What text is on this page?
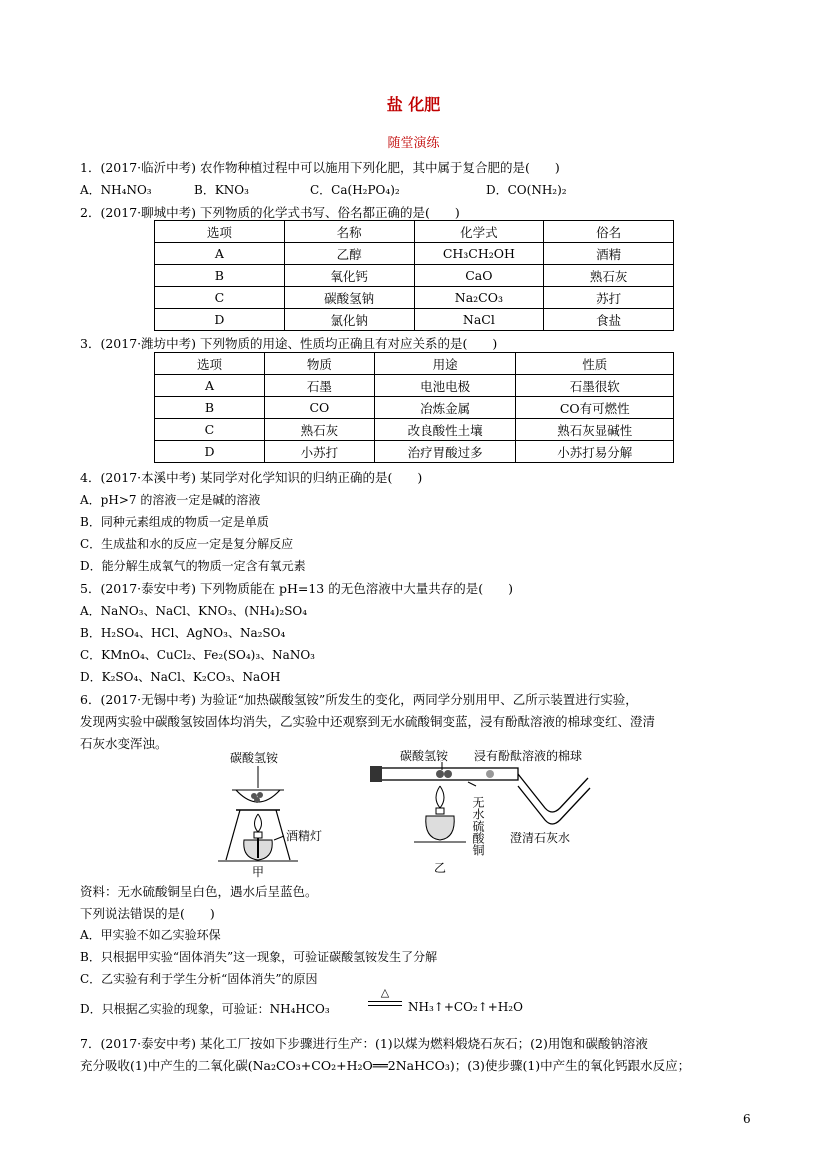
盐 化肥
随堂演练
1．(2017·临沂中考) 农作物种植过程中可以施用下列化肥，其中属于复合肥的是(　　)
A．NH₄NO₃	B．KNO₃	C．Ca(H₂PO₄)₂	D．CO(NH₂)₂
2．(2017·聊城中考) 下列物质的化学式书写、俗名都正确的是(　　)
选项	名称	化学式	俗名
A	乙醇	CH₃CH₂OH	酒精
B	氧化钙	CaO	熟石灰
C	碳酸氢钠	Na₂CO₃	苏打
D	氯化钠	NaCl	食盐
3．(2017·潍坊中考) 下列物质的用途、性质均正确且有对应关系的是(　　)
选项	物质	用途	性质
A	石墨	电池电极	石墨很软
B	CO	冶炼金属	CO有可燃性
C	熟石灰	改良酸性土壤	熟石灰显碱性
D	小苏打	治疗胃酸过多	小苏打易分解
4．(2017·本溪中考) 某同学对化学知识的归纳正确的是(　　)
A．pH>7 的溶液一定是碱的溶液
B．同种元素组成的物质一定是单质
C．生成盐和水的反应一定是复分解反应
D．能分解生成氧气的物质一定含有氧元素
5．(2017·泰安中考) 下列物质能在 pH=13 的无色溶液中大量共存的是(　　)
A．NaNO₃、NaCl、KNO₃、(NH₄)₂SO₄
B．H₂SO₄、HCl、AgNO₃、Na₂SO₄
C．KMnO₄、CuCl₂、Fe₂(SO₄)₃、NaNO₃
D．K₂SO₄、NaCl、K₂CO₃、NaOH
6．(2017·无锡中考) 为验证“加热碳酸氢铵”所发生的变化，两同学分别用甲、乙所示装置进行实验，
发现两实验中碳酸氢铵固体均消失，乙实验中还观察到无水硫酸铜变蓝，浸有酚酞溶液的棉球变红、澄清
石灰水变浑浊。
碳酸氢铵
酒精灯
甲
碳酸氢铵 浸有酚酞溶液的棉球
无水硫酸铜 澄清石灰水
乙
资料：无水硫酸铜呈白色，遇水后呈蓝色。
下列说法错误的是(　　)
A．甲实验不如乙实验环保
B．只根据甲实验“固体消失”这一现象，可验证碳酸氢铵发生了分解
C．乙实验有利于学生分析“固体消失”的原因
D．只根据乙实验的现象，可验证：NH₄HCO₃
△
NH₃↑+CO₂↑+H₂O
7．(2017·泰安中考) 某化工厂按如下步骤进行生产：(1)以煤为燃料煅烧石灰石；(2)用饱和碳酸钠溶液
充分吸收(1)中产生的二氧化碳(Na₂CO₃+CO₂+H₂O══2NaHCO₃)；(3)使步骤(1)中产生的氧化钙跟水反应；
6
